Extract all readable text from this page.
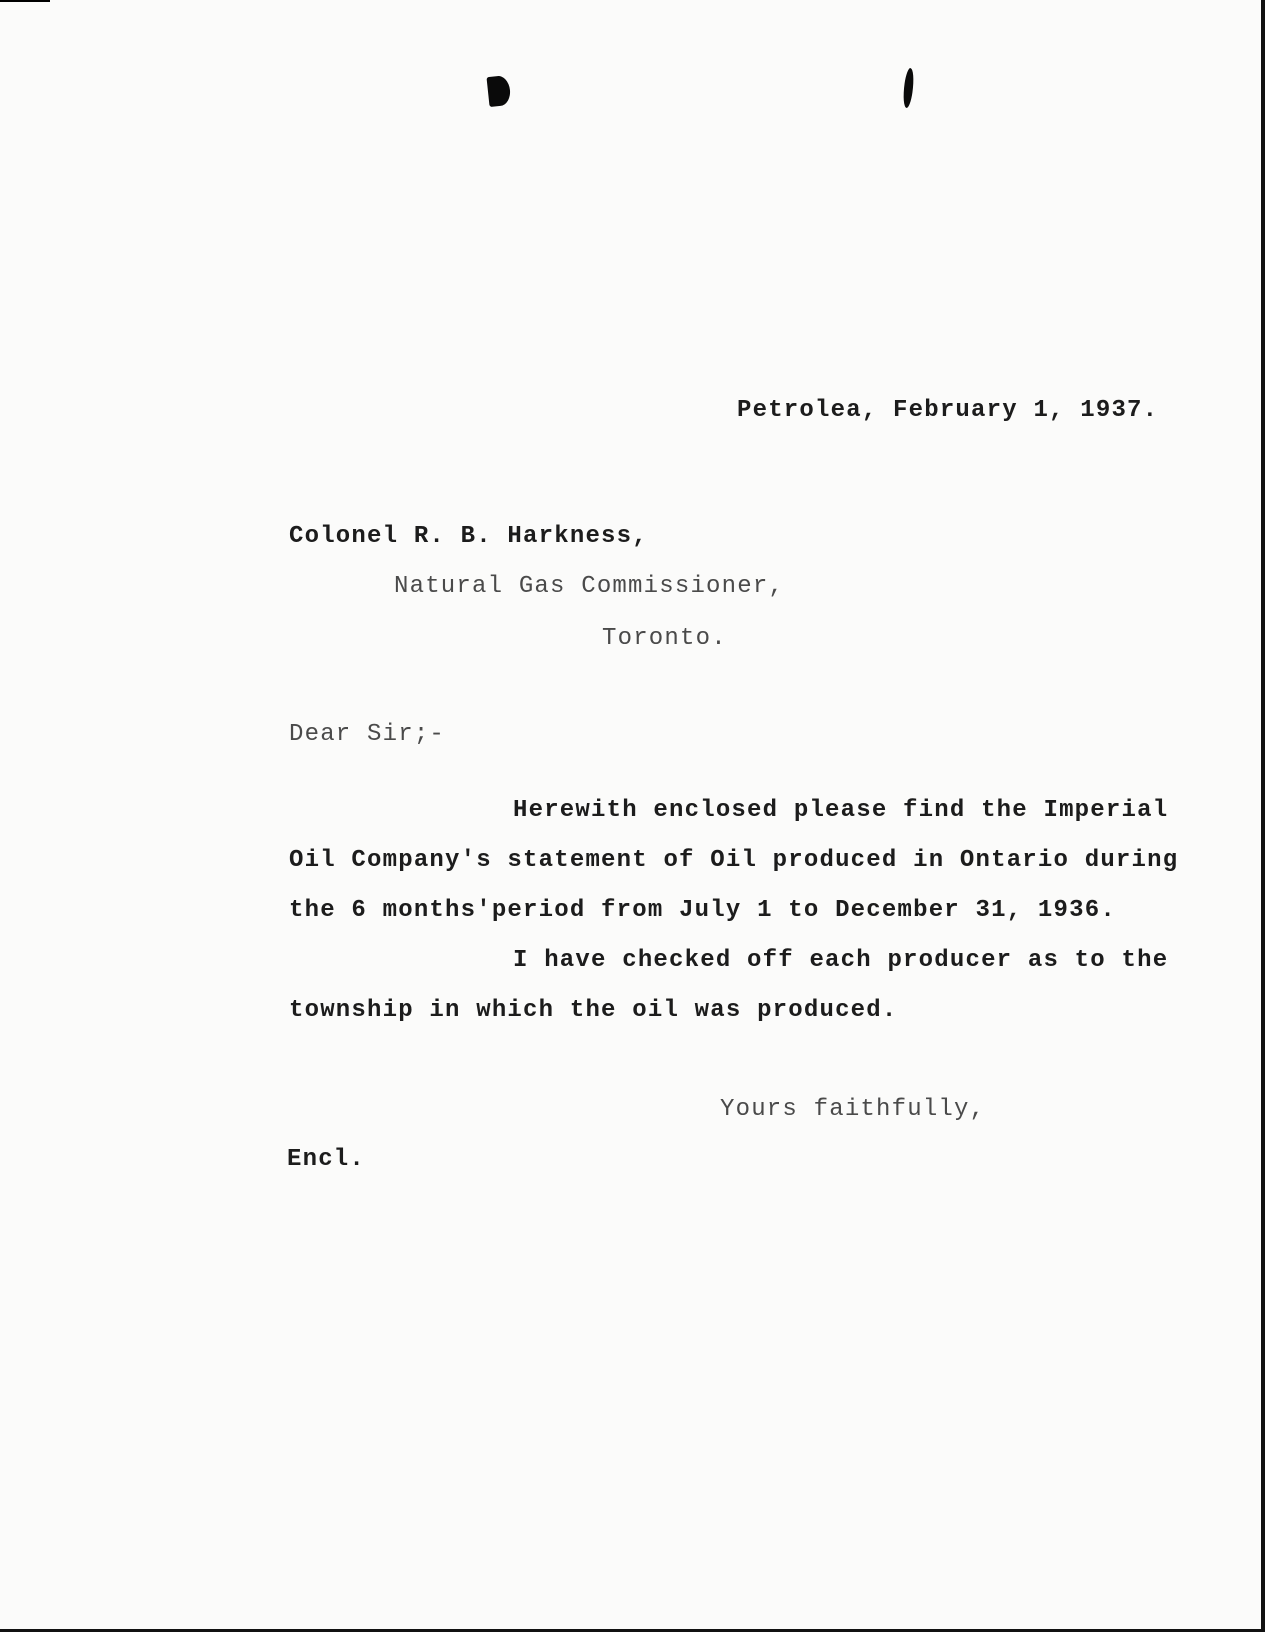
Petrolea, February 1, 1937.
Colonel R. B. Harkness,
Natural Gas Commissioner,
Toronto.
Dear Sir;-
Herewith enclosed please find the Imperial
Oil Company's statement of Oil produced in Ontario during
the 6 months'period from July 1 to December 31, 1936.
I have checked off each producer as to the
township in which the oil was produced.
Yours faithfully,
Encl.
